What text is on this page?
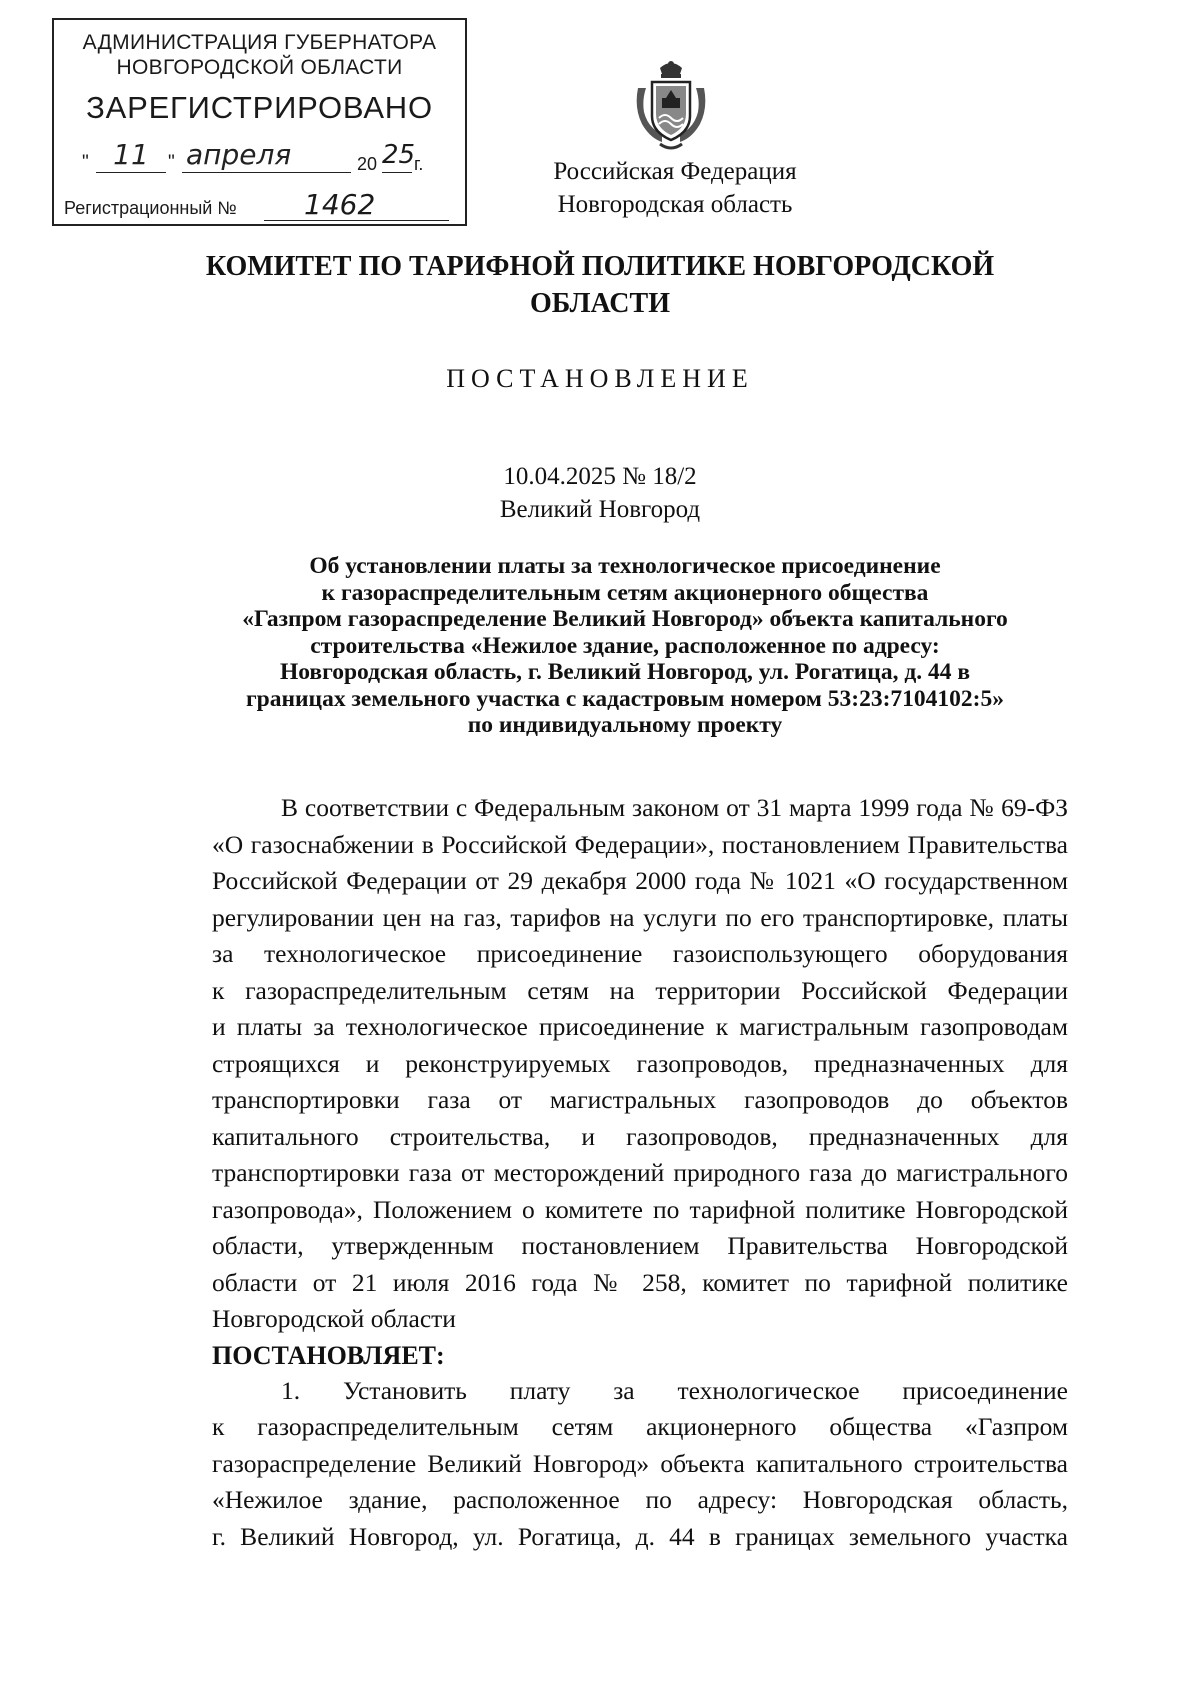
АДМИНИСТРАЦИЯ ГУБЕРНАТОРА
НОВГОРОДСКОЙ ОБЛАСТИ
ЗАРЕГИСТРИРОВАНО
" 11	" апреля	20 25
г.
Регистрационный №	1462
Российская Федерация
Новгородская область
КОМИТЕТ ПО ТАРИФНОЙ ПОЛИТИКЕ НОВГОРОДСКОЙ
ОБЛАСТИ
ПОСТАНОВЛЕНИЕ
10.04.2025 № 18/2
Великий Новгород
Об установлении платы за технологическое присоединение
к газораспределительным сетям акционерного общества
«Газпром газораспределение Великий Новгород» объекта капитального
строительства «Нежилое здание, расположенное по адресу:
Новгородская область, г. Великий Новгород, ул. Рогатица, д. 44 в
границах земельного участка с кадастровым номером 53:23:7104102:5»
по индивидуальному проекту
В соответствии с Федеральным законом от 31 марта 1999 года № 69-ФЗ
«О газоснабжении в Российской Федерации», постановлением Правительства
Российской Федерации от 29 декабря 2000 года № 1021 «О государственном
регулировании цен на газ, тарифов на услуги по его транспортировке, платы
за технологическое присоединение газоиспользующего оборудования
к газораспределительным сетям на территории Российской Федерации
и платы за технологическое присоединение к магистральным газопроводам
строящихся и реконструируемых газопроводов, предназначенных для
транспортировки газа от магистральных газопроводов до объектов
капитального строительства, и газопроводов, предназначенных для
транспортировки газа от месторождений природного газа до магистрального
газопровода», Положением о комитете по тарифной политике Новгородской
области, утвержденным постановлением Правительства Новгородской
области от 21 июля 2016 года № 258, комитет по тарифной политике
Новгородской области
ПОСТАНОВЛЯЕТ:
1. Установить плату за технологическое присоединение
к газораспределительным сетям акционерного общества «Газпром
газораспределение Великий Новгород» объекта капитального строительства
«Нежилое здание, расположенное по адресу: Новгородская область,
г. Великий Новгород, ул. Рогатица, д. 44 в границах земельного участка
